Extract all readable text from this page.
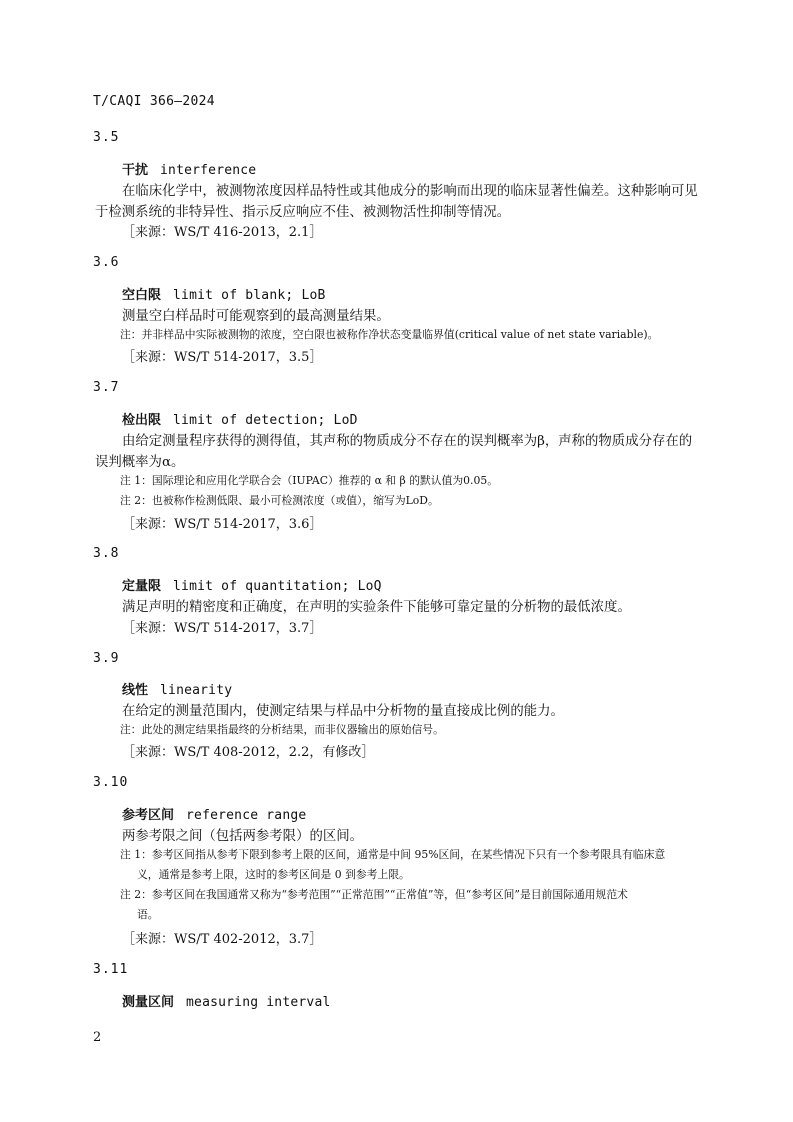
T/CAQI 366—2024
3.5
干扰 interference
在临床化学中，被测物浓度因样品特性或其他成分的影响而出现的临床显著性偏差。这种影响可见
于检测系统的非特异性、指示反应响应不佳、被测物活性抑制等情况。
［来源：WS/T 416-2013，2.1］
3.6
空白限 limit of blank; LoB
测量空白样品时可能观察到的最高测量结果。
注：并非样品中实际被测物的浓度，空白限也被称作净状态变量临界值(critical value of net state variable)。
［来源：WS/T 514-2017，3.5］
3.7
检出限 limit of detection; LoD
由给定测量程序获得的测得值，其声称的物质成分不存在的误判概率为β，声称的物质成分存在的
误判概率为α。
注 1：国际理论和应用化学联合会（IUPAC）推荐的 α 和 β 的默认值为0.05。
注 2：也被称作检测低限、最小可检测浓度（或值），缩写为LoD。
［来源：WS/T 514-2017，3.6］
3.8
定量限 limit of quantitation; LoQ
满足声明的精密度和正确度，在声明的实验条件下能够可靠定量的分析物的最低浓度。
［来源：WS/T 514-2017，3.7］
3.9
线性 linearity
在给定的测量范围内，使测定结果与样品中分析物的量直接成比例的能力。
注：此处的测定结果指最终的分析结果，而非仪器输出的原始信号。
［来源：WS/T 408-2012，2.2，有修改］
3.10
参考区间 reference range
两参考限之间（包括两参考限）的区间。
注 1：参考区间指从参考下限到参考上限的区间，通常是中间 95%区间，在某些情况下只有一个参考限具有临床意
义，通常是参考上限，这时的参考区间是 0 到参考上限。
注 2：参考区间在我国通常又称为“参考范围”“正常范围”“正常值”等，但“参考区间”是目前国际通用规范术
语。
［来源：WS/T 402-2012，3.7］
3.11
测量区间 measuring interval
2
